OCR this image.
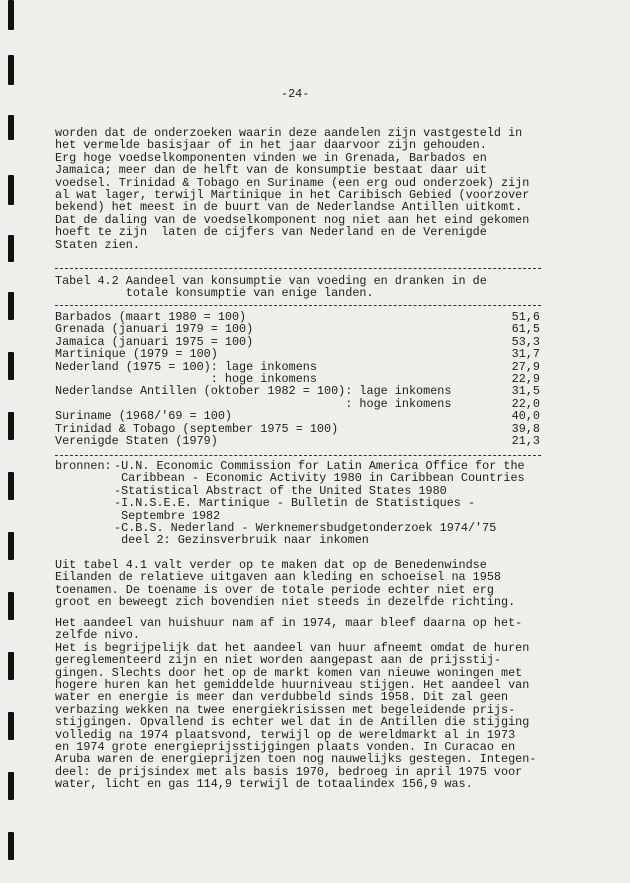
-24-
worden dat de onderzoeken waarin deze aandelen zijn vastgesteld in
het vermelde basisjaar of in het jaar daarvoor zijn gehouden.
Erg hoge voedselkomponenten vinden we in Grenada, Barbados en
Jamaica; meer dan de helft van de konsumptie bestaat daar uit
voedsel. Trinidad & Tobago en Suriname (een erg oud onderzoek) zijn
al wat lager, terwijl Martinique in het Caribisch Gebied (voorzover
bekend) het meest in de buurt van de Nederlandse Antillen uitkomt.
Dat de daling van de voedselkomponent nog niet aan het eind gekomen
hoeft te zijn  laten de cijfers van Nederland en de Verenigde
Staten zien.
Tabel 4.2 Aandeel van konsumptie van voeding en dranken in de
totale konsumptie van enige landen.
Barbados (maart 1980 = 100)	51,6
Grenada (januari 1979 = 100)	61,5
Jamaica (januari 1975 = 100)	53,3
Martinique (1979 = 100)	31,7
Nederland (1975 = 100): lage inkomens	27,9
: hoge inkomens	22,9
Nederlandse Antillen (oktober 1982 = 100): lage inkomens	31,5
: hoge inkomens	22,0
Suriname (1968/'69 = 100)	40,0
Trinidad & Tobago (september 1975 = 100)	39,8
Verenigde Staten (1979)	21,3
bronnen: -U.N. Economic Commission for Latin America Office for the
Caribbean - Economic Activity 1980 in Caribbean Countries
-Statistical Abstract of the United States 1980
-I.N.S.E.E. Martinique - Bulletin de Statistiques -
Septembre 1982
-C.B.S. Nederland - Werknemersbudgetonderzoek 1974/'75
deel 2: Gezinsverbruik naar inkomen
Uit tabel 4.1 valt verder op te maken dat op de Benedenwindse
Eilanden de relatieve uitgaven aan kleding en schoeisel na 1958
toenamen. De toename is over de totale periode echter niet erg
groot en beweegt zich bovendien niet steeds in dezelfde richting.
Het aandeel van huishuur nam af in 1974, maar bleef daarna op het-
zelfde nivo.
Het is begrijpelijk dat het aandeel van huur afneemt omdat de huren
gereglementeerd zijn en niet worden aangepast aan de prijsstij-
gingen. Slechts door het op de markt komen van nieuwe woningen met
hogere huren kan het gemiddelde huurniveau stijgen. Het aandeel van
water en energie is meer dan verdubbeld sinds 1958. Dit zal geen
verbazing wekken na twee energiekrisissen met begeleidende prijs-
stijgingen. Opvallend is echter wel dat in de Antillen die stijging
volledig na 1974 plaatsvond, terwijl op de wereldmarkt al in 1973
en 1974 grote energieprijsstijgingen plaats vonden. In Curacao en
Aruba waren de energieprijzen toen nog nauwelijks gestegen. Integen-
deel: de prijsindex met als basis 1970, bedroeg in april 1975 voor
water, licht en gas 114,9 terwijl de totaalindex 156,9 was.
